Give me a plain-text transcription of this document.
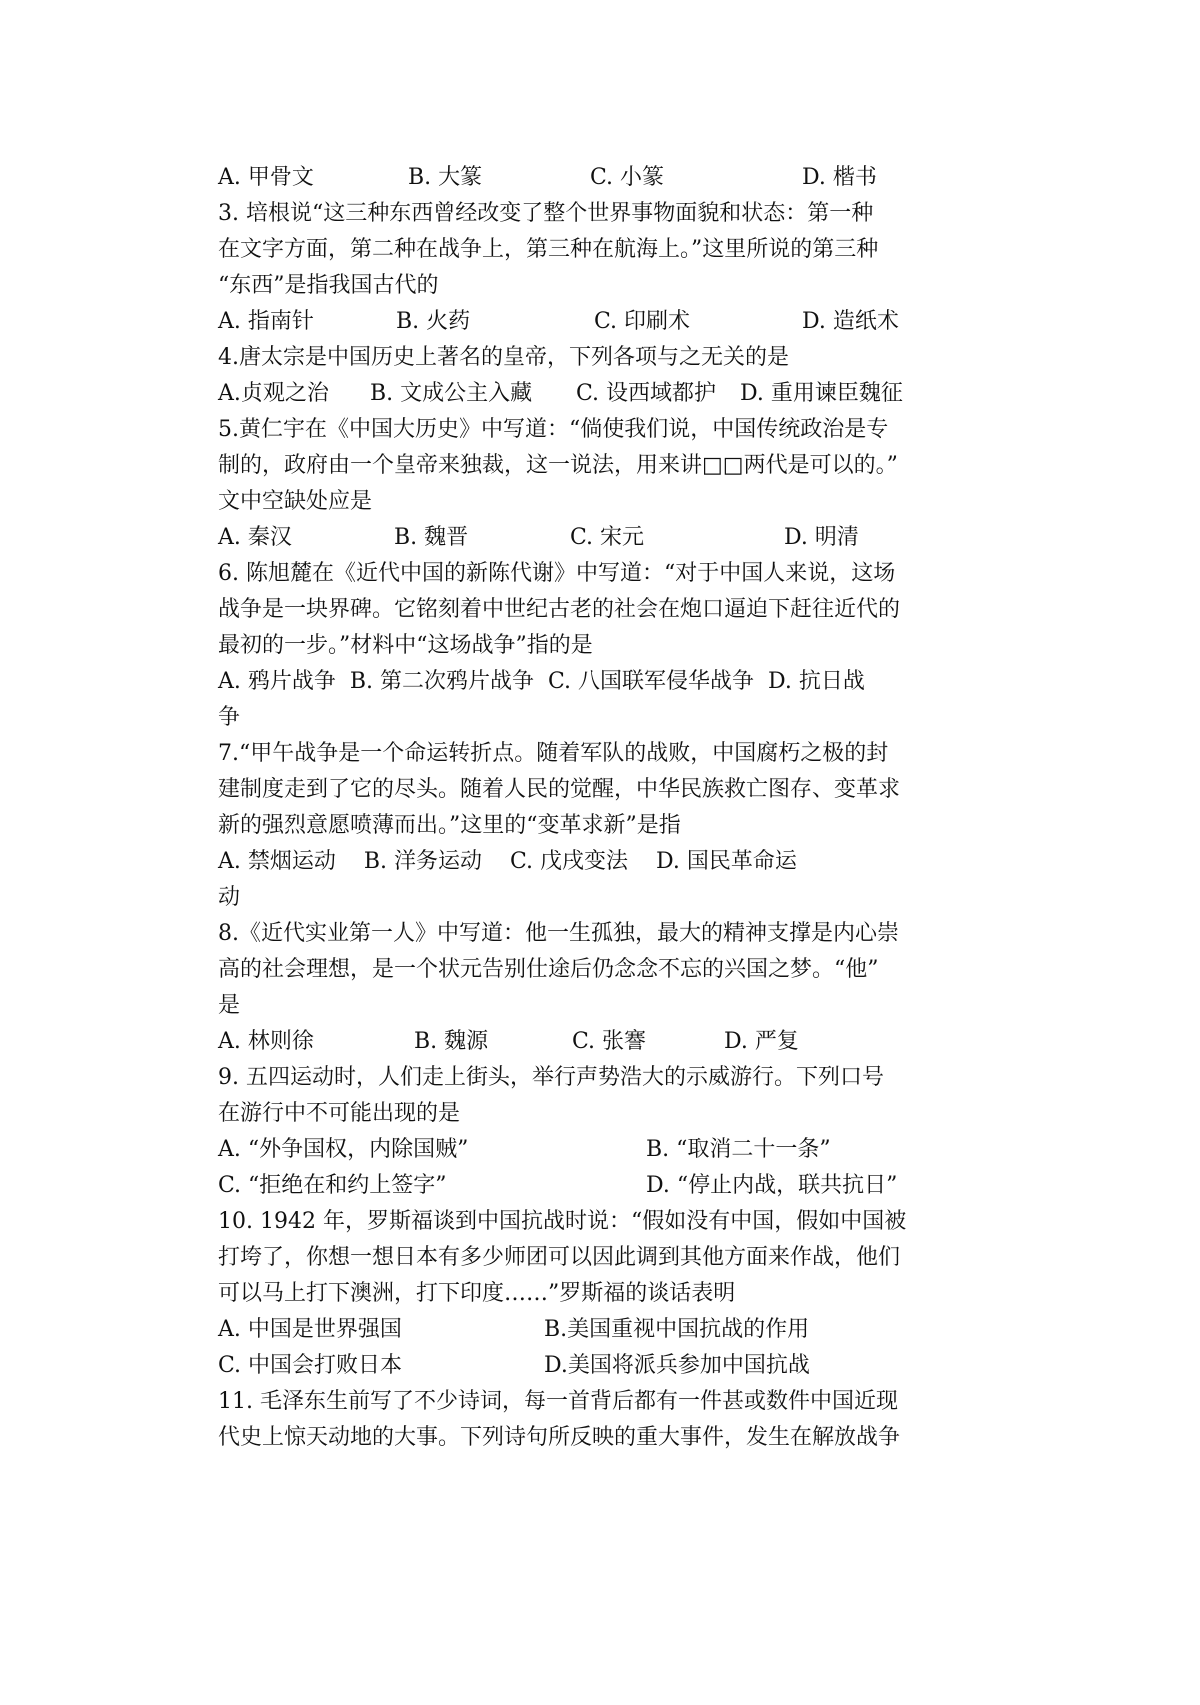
A. 甲骨文	B. 大篆	C. 小篆	D. 楷书
3. 培根说“这三种东西曾经改变了整个世界事物面貌和状态：第一种
在文字方面，第二种在战争上，第三种在航海上。”这里所说的第三种
“东西”是指我国古代的
A. 指南针	B. 火药	C. 印刷术	D. 造纸术
4.唐太宗是中国历史上著名的皇帝，下列各项与之无关的是
A.贞观之治 B. 文成公主入藏 C. 设西域都护 D. 重用谏臣魏征
5.黄仁宇在《中国大历史》中写道：“倘使我们说，中国传统政治是专
制的，政府由一个皇帝来独裁，这一说法，用来讲□□两代是可以的。”
文中空缺处应是
A. 秦汉	B. 魏晋	C. 宋元	D. 明清
6. 陈旭麓在《近代中国的新陈代谢》中写道：“对于中国人来说，这场
战争是一块界碑。它铭刻着中世纪古老的社会在炮口逼迫下赶往近代的
最初的一步。”材料中“这场战争”指的是
A. 鸦片战争  B. 第二次鸦片战争  C. 八国联军侵华战争  D. 抗日战
争
7.“甲午战争是一个命运转折点。随着军队的战败，中国腐朽之极的封
建制度走到了它的尽头。随着人民的觉醒，中华民族救亡图存、变革求
新的强烈意愿喷薄而出。”这里的“变革求新”是指
A. 禁烟运动    B. 洋务运动    C. 戊戌变法    D. 国民革命运
动
8.《近代实业第一人》中写道：他一生孤独，最大的精神支撑是内心崇
高的社会理想，是一个状元告别仕途后仍念念不忘的兴国之梦。“他”
是
A. 林则徐	B. 魏源	C. 张謇	D. 严复
9. 五四运动时，人们走上街头，举行声势浩大的示威游行。下列口号
在游行中不可能出现的是
A. “外争国权，内除国贼”	B. “取消二十一条”
C. “拒绝在和约上签字”	D. “停止内战，联共抗日”
10. 1942 年，罗斯福谈到中国抗战时说：“假如没有中国，假如中国被
打垮了，你想一想日本有多少师团可以因此调到其他方面来作战，他们
可以马上打下澳洲，打下印度……”罗斯福的谈话表明
A. 中国是世界强国	B.美国重视中国抗战的作用
C. 中国会打败日本	D.美国将派兵参加中国抗战
11. 毛泽东生前写了不少诗词，每一首背后都有一件甚或数件中国近现
代史上惊天动地的大事。下列诗句所反映的重大事件，发生在解放战争
